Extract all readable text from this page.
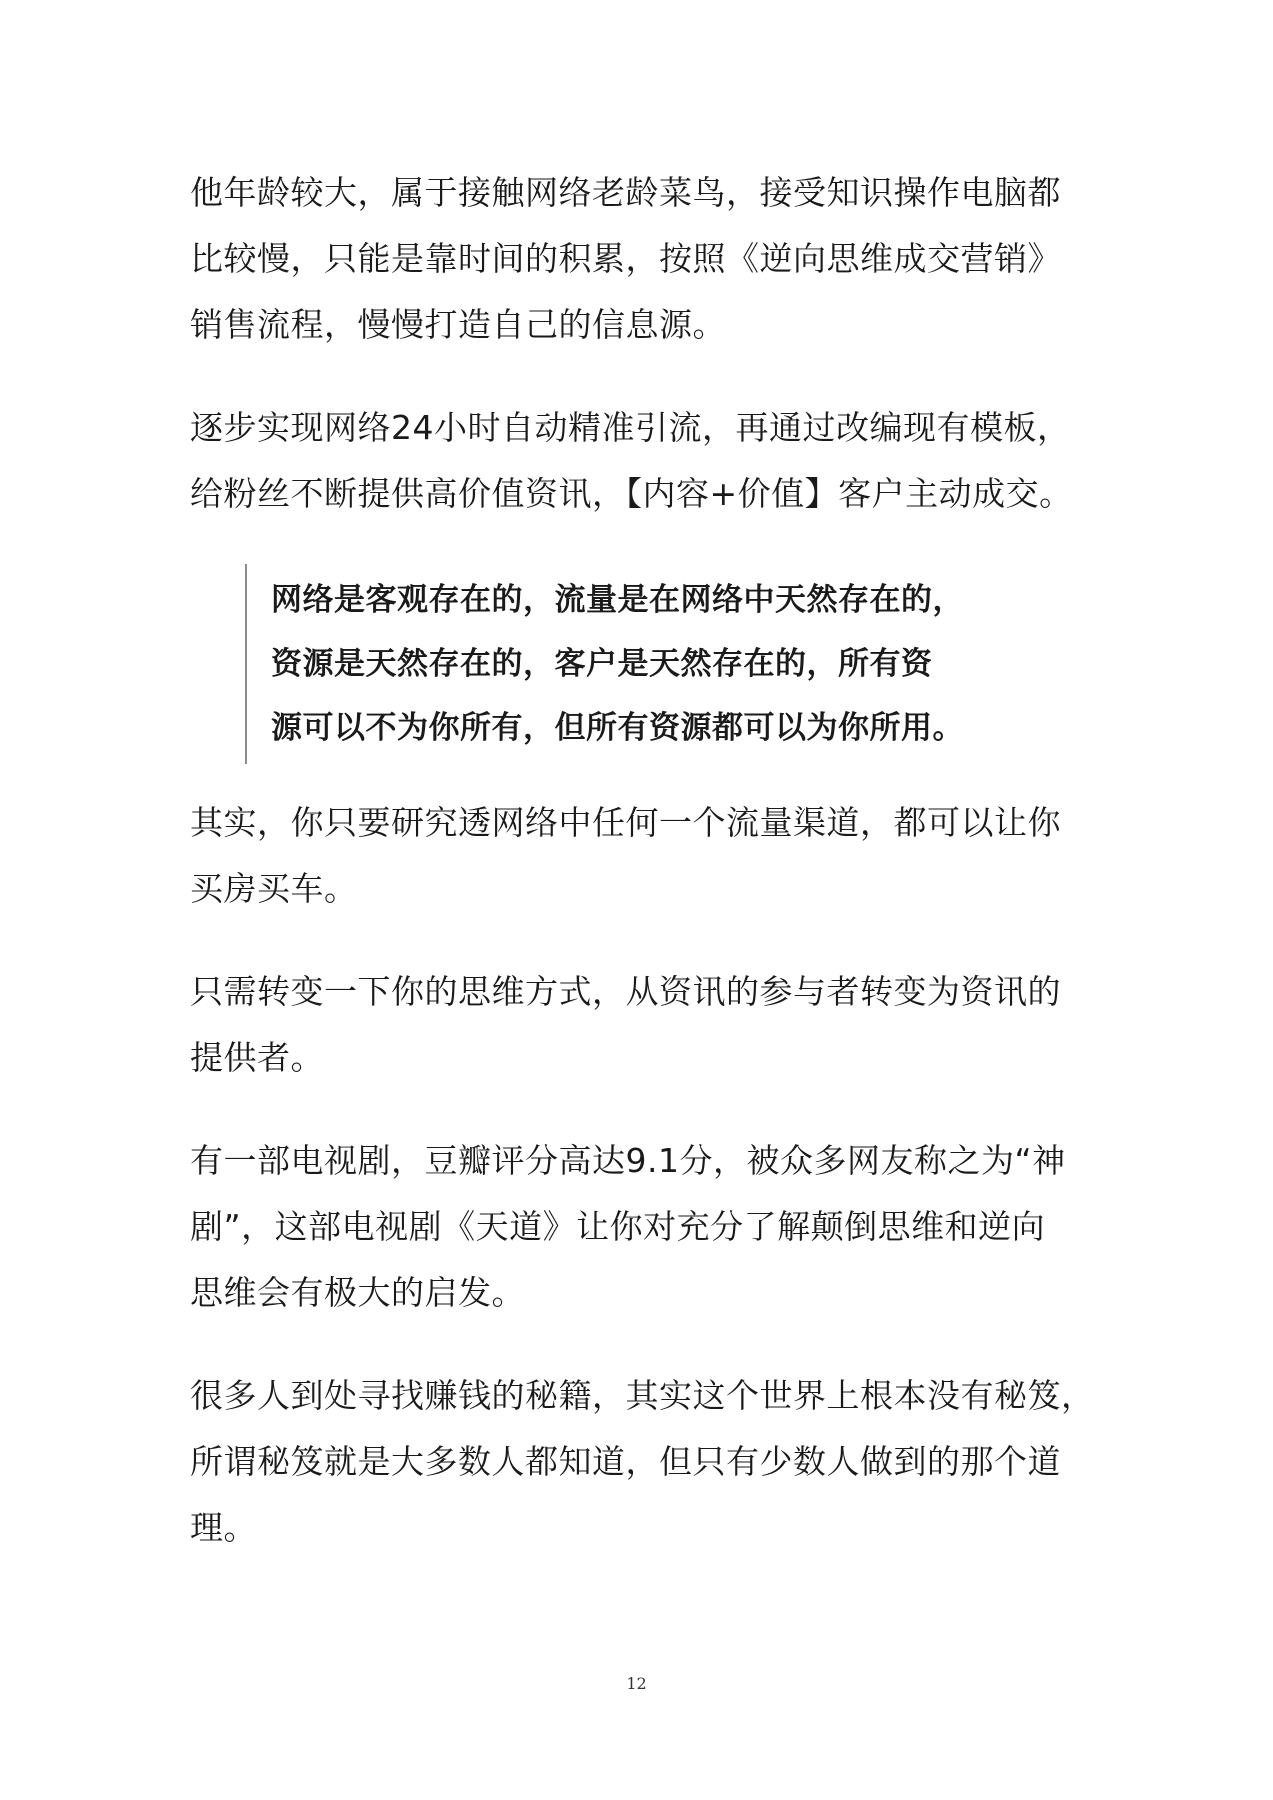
他年龄较大，属于接触网络老龄菜鸟，接受知识操作电脑都
比较慢，只能是靠时间的积累，按照《逆向思维成交营销》
销售流程，慢慢打造自己的信息源。
逐步实现网络24小时自动精准引流，再通过改编现有模板，
给粉丝不断提供高价值资讯，【内容+价值】客户主动成交。
网络是客观存在的，流量是在网络中天然存在的，
资源是天然存在的，客户是天然存在的，所有资
源可以不为你所有，但所有资源都可以为你所用。
其实，你只要研究透网络中任何一个流量渠道，都可以让你
买房买车。
只需转变一下你的思维方式，从资讯的参与者转变为资讯的
提供者。
有一部电视剧，豆瓣评分高达9.1分，被众多网友称之为“神
剧”，这部电视剧《天道》让你对充分了解颠倒思维和逆向
思维会有极大的启发。
很多人到处寻找赚钱的秘籍，其实这个世界上根本没有秘笈，
所谓秘笈就是大多数人都知道，但只有少数人做到的那个道
理。
12
